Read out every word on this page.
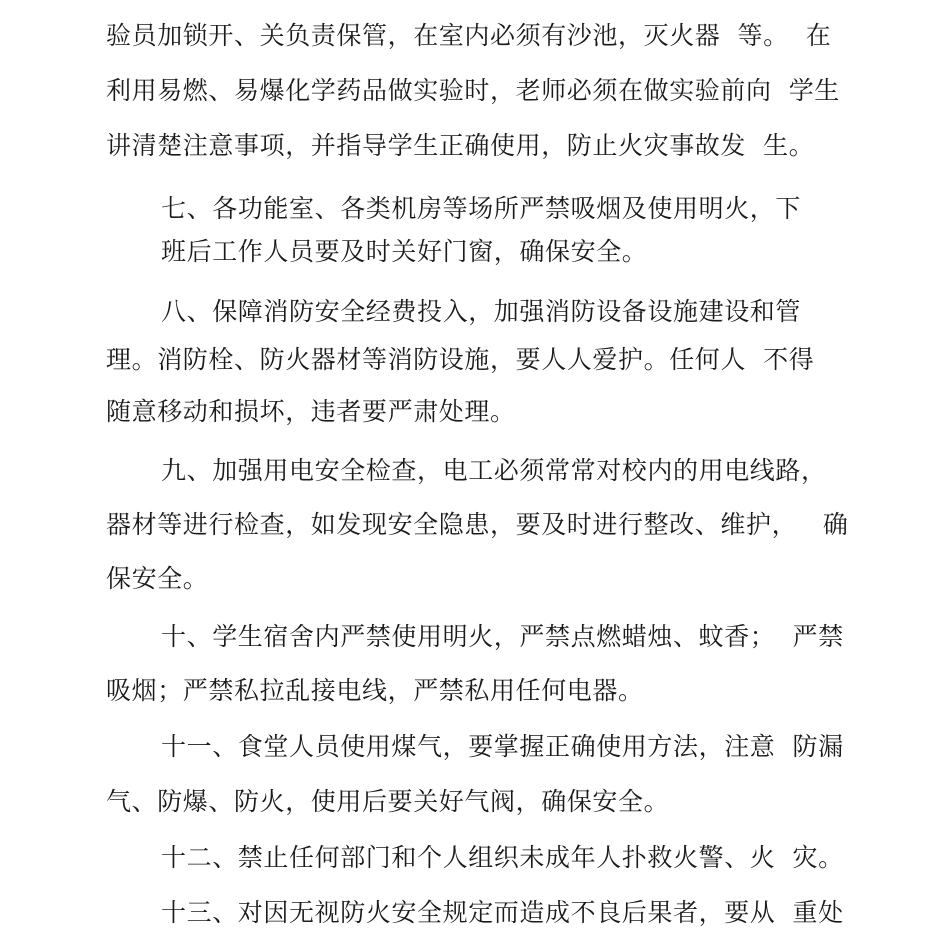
验员加锁开、关负责保管，在室内必须有沙池，灭火器  等。  在

利用易燃、易爆化学药品做实验时，老师必须在做实验前向  学生

讲清楚注意事项，并指导学生正确使用，防止火灾事故发  生。

七、各功能室、各类机房等场所严禁吸烟及使用明火，下

班后工作人员要及时关好门窗，确保安全。

八、保障消防安全经费投入，加强消防设备设施建设和管

理。消防栓、防火器材等消防设施，要人人爱护。任何人  不得

随意移动和损坏，违者要严肃处理。

九、加强用电安全检查，电工必须常常对校内的用电线路，

器材等进行检查，如发现安全隐患，要及时进行整改、维护，   确

保安全。

十、学生宿舍内严禁使用明火，严禁点燃蜡烛、蚊香；  严禁

吸烟；严禁私拉乱接电线，严禁私用任何电器。

十一、食堂人员使用煤气，要掌握正确使用方法，注意  防漏

气、防爆、防火，使用后要关好气阀，确保安全。

十二、禁止任何部门和个人组织未成年人扑救火警、火  灾。

十三、对因无视防火安全规定而造成不良后果者，要从  重处
